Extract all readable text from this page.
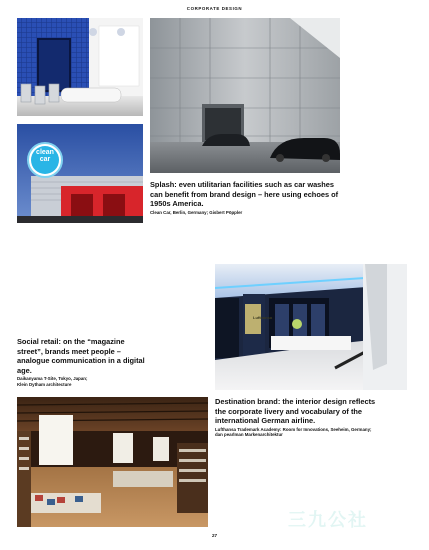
CORPORATE DESIGN
clean
car
Splash: even utilitarian facilities such as car washes can benefit from brand design – here using echoes of 1950s America.
Clean Car, Berlin, Germany; Gisbert Pöppler
Lufthansa
Social retail: on the “magazine street”, brands meet people – analogue communication in a digital age.
Daikanyama T-Site, Tokyo, Japan;
Klein Dytham architecture
Destination brand: the interior design reflects the corporate livery and vocabulary of the international German airline.
Lufthansa Trademark Academy: Room for Innovations, Seeheim, Germany; dan pearlman Markenarchitektur
三九公社
27
